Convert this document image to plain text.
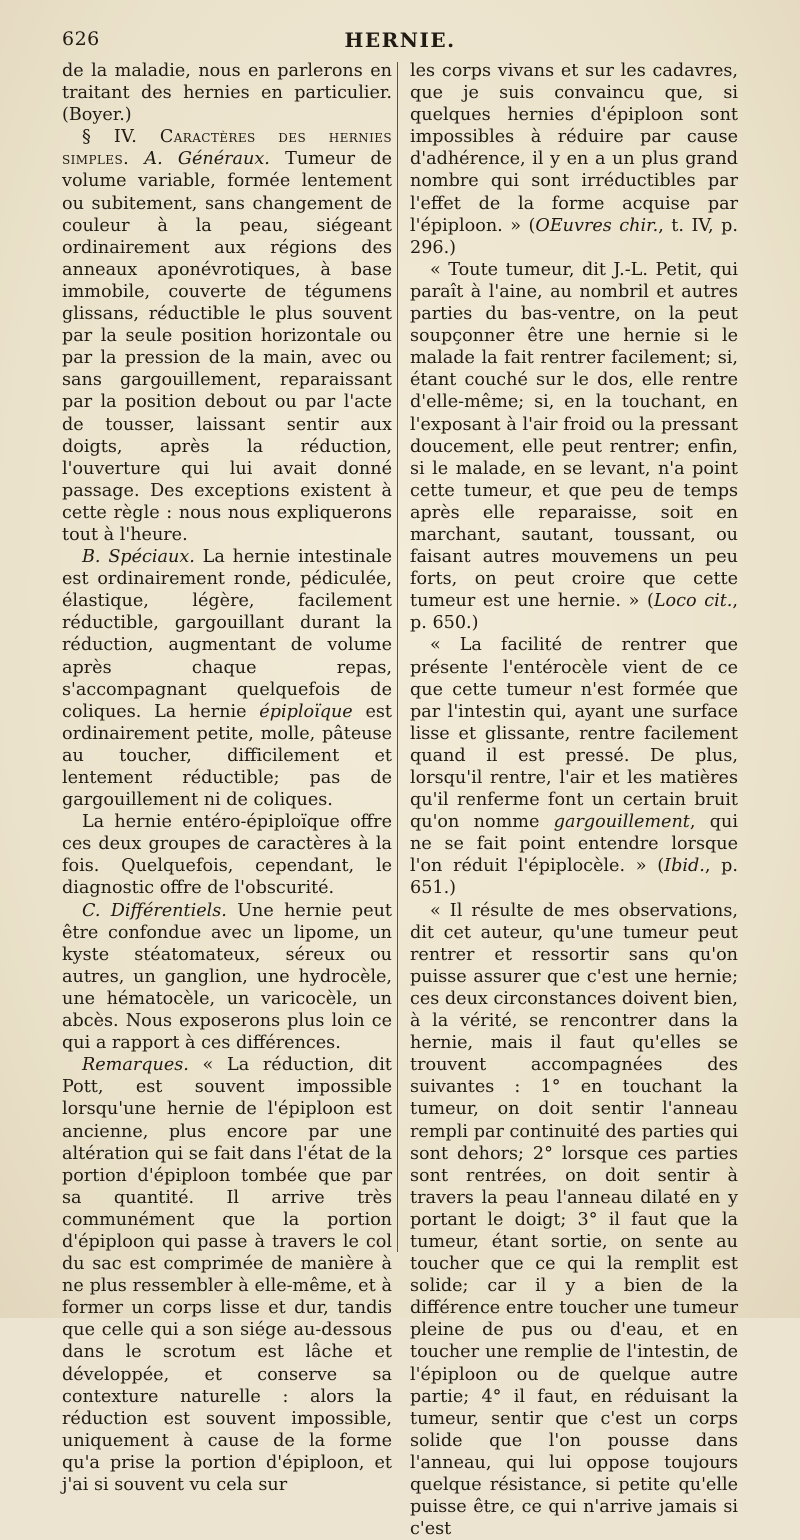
626	HERNIE.

de la maladie, nous en parlerons en traitant des hernies en particulier. (Boyer.)

§ IV. Caractères des hernies simples. A. Généraux. Tumeur de volume variable, formée lentement ou subitement, sans changement de couleur à la peau, siégeant ordinairement aux régions des anneaux aponévrotiques, à base immobile, couverte de tégumens glissans, réductible le plus souvent par la seule position horizontale ou par la pression de la main, avec ou sans gargouillement, reparaissant par la position debout ou par l'acte de tousser, laissant sentir aux doigts, après la réduction, l'ouverture qui lui avait donné passage. Des exceptions existent à cette règle : nous nous expliquerons tout à l'heure.

B. Spéciaux. La hernie intestinale est ordinairement ronde, pédiculée, élastique, légère, facilement réductible, gargouillant durant la réduction, augmentant de volume après chaque repas, s'accompagnant quelquefois de coliques. La hernie épiploïque est ordinairement petite, molle, pâteuse au toucher, difficilement et lentement réductible; pas de gargouillement ni de coliques.

La hernie entéro-épiploïque offre ces deux groupes de caractères à la fois. Quelquefois, cependant, le diagnostic offre de l'obscurité.

C. Différentiels. Une hernie peut être confondue avec un lipome, un kyste stéatomateux, séreux ou autres, un ganglion, une hydrocèle, une hématocèle, un varicocèle, un abcès. Nous exposerons plus loin ce qui a rapport à ces différences.

Remarques. « La réduction, dit Pott, est souvent impossible lorsqu'une hernie de l'épiploon est ancienne, plus encore par une altération qui se fait dans l'état de la portion d'épiploon tombée que par sa quantité. Il arrive très communément que la portion d'épiploon qui passe à travers le col du sac est comprimée de manière à ne plus ressembler à elle-même, et à former un corps lisse et dur, tandis que celle qui a son siége au-dessous dans le scrotum est lâche et développée, et conserve sa contexture naturelle : alors la réduction est souvent impossible, uniquement à cause de la forme qu'a prise la portion d'épiploon, et j'ai si souvent vu cela sur

les corps vivans et sur les cadavres, que je suis convaincu que, si quelques hernies d'épiploon sont impossibles à réduire par cause d'adhérence, il y en a un plus grand nombre qui sont irréductibles par l'effet de la forme acquise par l'épiploon. » (OEuvres chir., t. IV, p. 296.)

« Toute tumeur, dit J.-L. Petit, qui paraît à l'aine, au nombril et autres parties du bas-ventre, on la peut soupçonner être une hernie si le malade la fait rentrer facilement; si, étant couché sur le dos, elle rentre d'elle-même; si, en la touchant, en l'exposant à l'air froid ou la pressant doucement, elle peut rentrer; enfin, si le malade, en se levant, n'a point cette tumeur, et que peu de temps après elle reparaisse, soit en marchant, sautant, toussant, ou faisant autres mouvemens un peu forts, on peut croire que cette tumeur est une hernie. » (Loco cit., p. 650.)

« La facilité de rentrer que présente l'entérocèle vient de ce que cette tumeur n'est formée que par l'intestin qui, ayant une surface lisse et glissante, rentre facilement quand il est pressé. De plus, lorsqu'il rentre, l'air et les matières qu'il renferme font un certain bruit qu'on nomme gargouillement, qui ne se fait point entendre lorsque l'on réduit l'épiplocèle. » (Ibid., p. 651.)

« Il résulte de mes observations, dit cet auteur, qu'une tumeur peut rentrer et ressortir sans qu'on puisse assurer que c'est une hernie; ces deux circonstances doivent bien, à la vérité, se rencontrer dans la hernie, mais il faut qu'elles se trouvent accompagnées des suivantes : 1° en touchant la tumeur, on doit sentir l'anneau rempli par continuité des parties qui sont dehors; 2° lorsque ces parties sont rentrées, on doit sentir à travers la peau l'anneau dilaté en y portant le doigt; 3° il faut que la tumeur, étant sortie, on sente au toucher que ce qui la remplit est solide; car il y a bien de la différence entre toucher une tumeur pleine de pus ou d'eau, et en toucher une remplie de l'intestin, de l'épiploon ou de quelque autre partie; 4° il faut, en réduisant la tumeur, sentir que c'est un corps solide que l'on pousse dans l'anneau, qui lui oppose toujours quelque résistance, si petite qu'elle puisse être, ce qui n'arrive jamais si c'est
